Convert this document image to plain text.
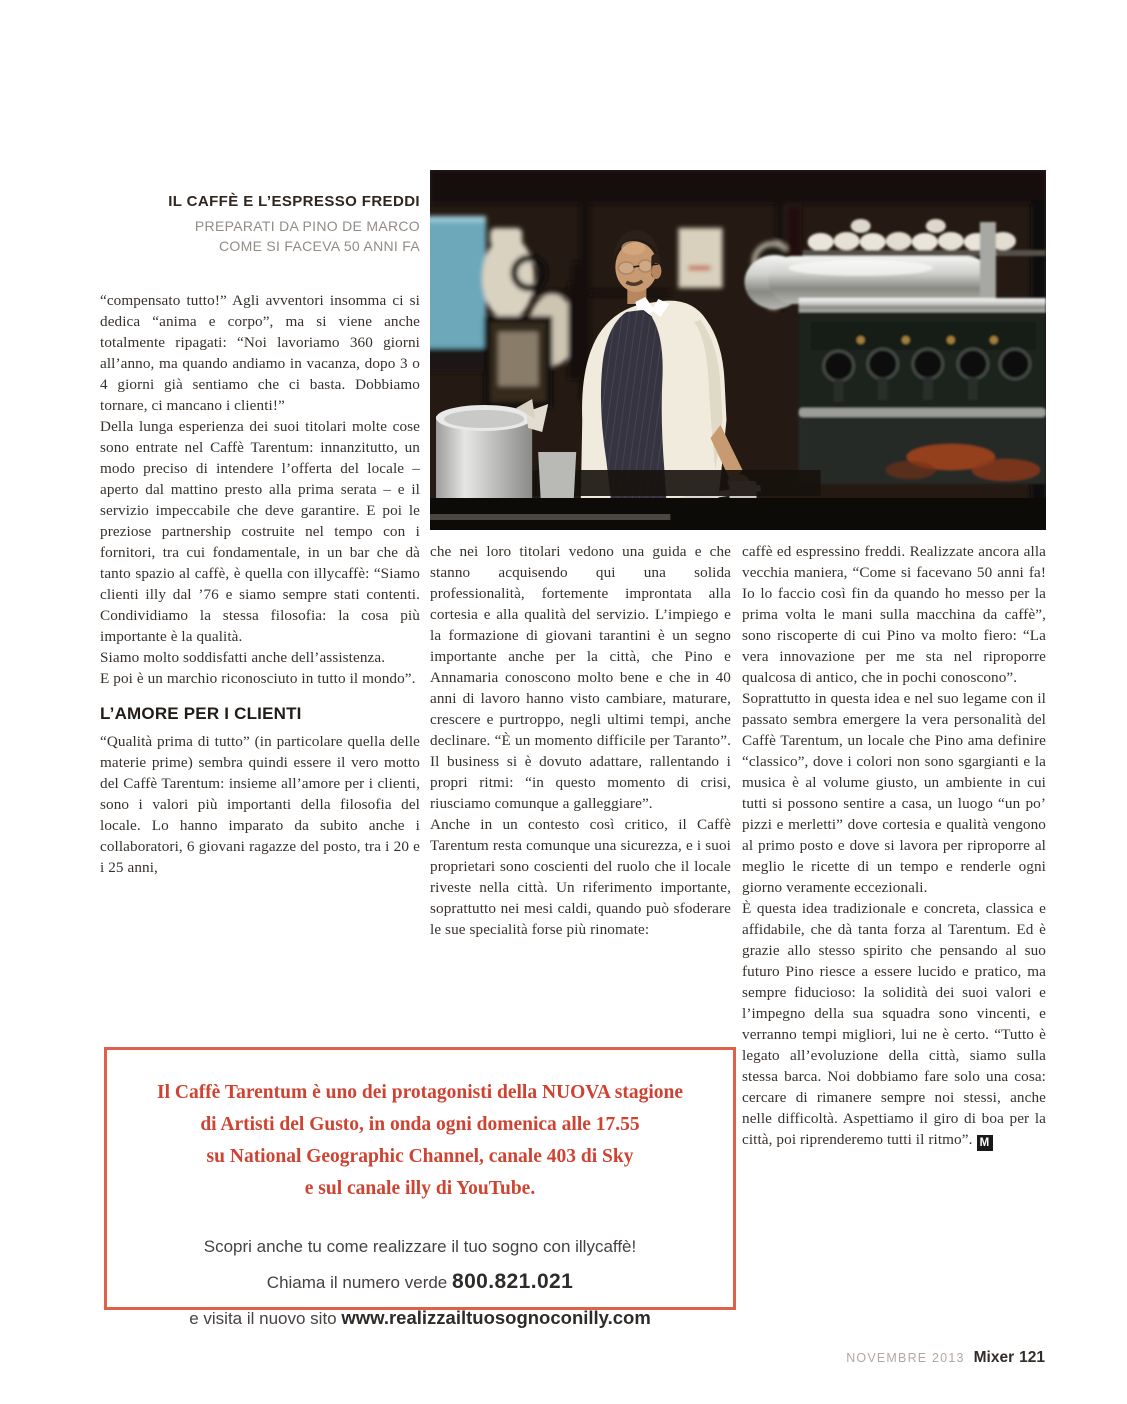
IL CAFFÈ E L’ESPRESSO FREDDI
PREPARATI DA PINO DE MARCO
COME SI FACEVA 50 ANNI FA

“compensato tutto!” Agli avventori insomma ci si dedica “anima e corpo”, ma si viene anche totalmente ripagati: “Noi lavoriamo 360 giorni all’anno, ma quando andiamo in vacanza, dopo 3 o 4 giorni già sentiamo che ci basta. Dobbiamo tornare, ci mancano i clienti!”

Della lunga esperienza dei suoi titolari molte cose sono entrate nel Caffè Tarentum: innanzitutto, un modo preciso di intendere l’offerta del locale – aperto dal mattino presto alla prima serata – e il servizio impeccabile che deve garantire. E poi le preziose partnership costruite nel tempo con i fornitori, tra cui fondamentale, in un bar che dà tanto spazio al caffè, è quella con illycaffè: “Siamo clienti illy dal ’76 e siamo sempre stati contenti. Condividiamo la stessa filosofia: la cosa più importante è la qualità.

Siamo molto soddisfatti anche dell’assistenza.

E poi è un marchio riconosciuto in tutto il mondo”.

L’AMORE PER I CLIENTI

“Qualità prima di tutto” (in particolare quella delle materie prime) sembra quindi essere il vero motto del Caffè Tarentum: insieme all’amore per i clienti, sono i valori più importanti della filosofia del locale. Lo hanno imparato da subito anche i collaboratori, 6 giovani ragazze del posto, tra i 20 e i 25 anni,

che nei loro titolari vedono una guida e che stanno acquisendo qui una solida professionalità, fortemente improntata alla cortesia e alla qualità del servizio. L’impiego e la formazione di giovani tarantini è un segno importante anche per la città, che Pino e Annamaria conoscono molto bene e che in 40 anni di lavoro hanno visto cambiare, maturare, crescere e purtroppo, negli ultimi tempi, anche declinare. “È un momento difficile per Taranto”. Il business si è dovuto adattare, rallentando i propri ritmi: “in questo momento di crisi, riusciamo comunque a galleggiare”.

Anche in un contesto così critico, il Caffè Tarentum resta comunque una sicurezza, e i suoi proprietari sono coscienti del ruolo che il locale riveste nella città. Un riferimento importante, soprattutto nei mesi caldi, quando può sfoderare le sue specialità forse più rinomate:

caffè ed espressino freddi. Realizzate ancora alla vecchia maniera, “Come si facevano 50 anni fa! Io lo faccio così fin da quando ho messo per la prima volta le mani sulla macchina da caffè”, sono riscoperte di cui Pino va molto fiero: “La vera innovazione per me sta nel riproporre qualcosa di antico, che in pochi conoscono”.

Soprattutto in questa idea e nel suo legame con il passato sembra emergere la vera personalità del Caffè Tarentum, un locale che Pino ama definire “classico”, dove i colori non sono sgargianti e la musica è al volume giusto, un ambiente in cui tutti si possono sentire a casa, un luogo “un po’ pizzi e merletti” dove cortesia e qualità vengono al primo posto e dove si lavora per riproporre al meglio le ricette di un tempo e renderle ogni giorno veramente eccezionali.

È questa idea tradizionale e concreta, classica e affidabile, che dà tanta forza al Tarentum. Ed è grazie allo stesso spirito che pensando al suo futuro Pino riesce a essere lucido e pratico, ma sempre fiducioso: la solidità dei suoi valori e l’impegno della sua squadra sono vincenti, e verranno tempi migliori, lui ne è certo. “Tutto è legato all’evoluzione della città, siamo sulla stessa barca. Noi dobbiamo fare solo una cosa: cercare di rimanere sempre noi stessi, anche nelle difficoltà. Aspettiamo il giro di boa per la città, poi riprenderemo tutti il ritmo”. M

Il Caffè Tarentum è uno dei protagonisti della NUOVA stagione
di Artisti del Gusto, in onda ogni domenica alle 17.55
su National Geographic Channel, canale 403 di Sky
e sul canale illy di YouTube.
Scopri anche tu come realizzare il tuo sogno con illycaffè!
Chiama il numero verde 800.821.021
e visita il nuovo sito www.realizzailtuosognoconilly.com
NOVEMBRE 2013 Mixer 121
